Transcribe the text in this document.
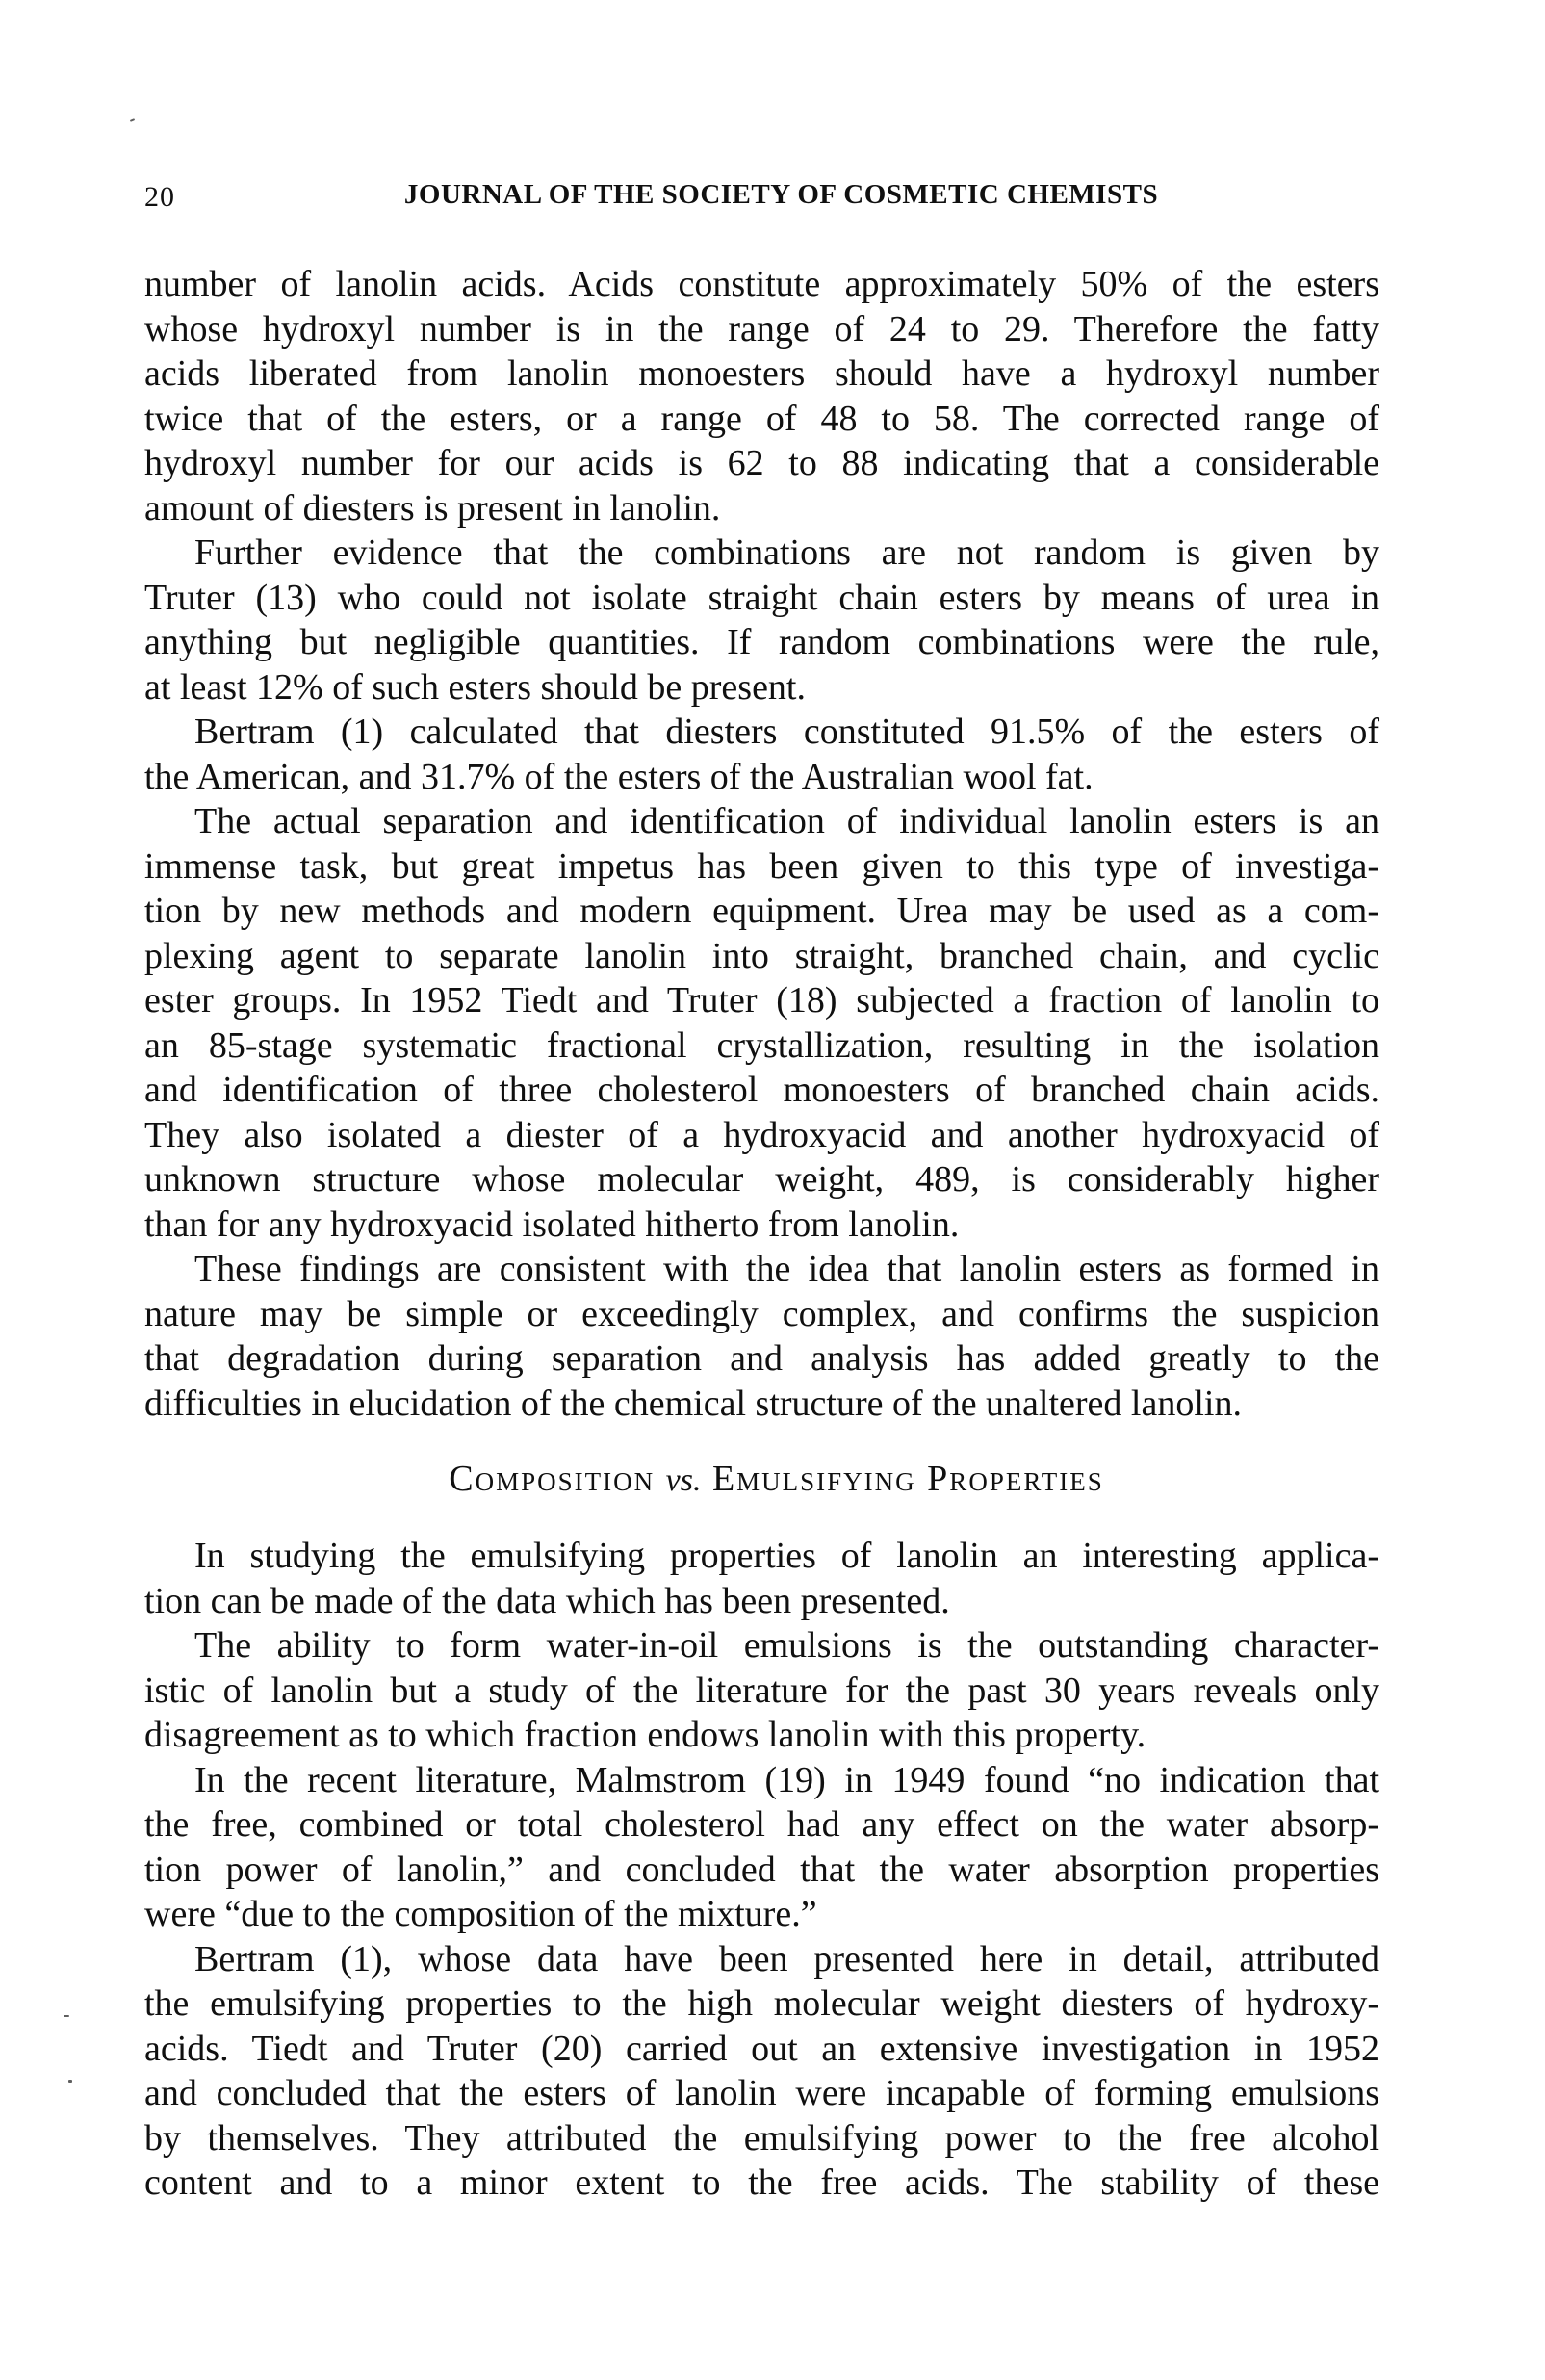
20	JOURNAL OF THE SOCIETY OF COSMETIC CHEMISTS
number of lanolin acids. Acids constitute approximately 50% of the esters
whose hydroxyl number is in the range of 24 to 29. Therefore the fatty
acids liberated from lanolin monoesters should have a hydroxyl number
twice that of the esters, or a range of 48 to 58. The corrected range of
hydroxyl number for our acids is 62 to 88 indicating that a considerable
amount of diesters is present in lanolin.
Further evidence that the combinations are not random is given by
Truter (13) who could not isolate straight chain esters by means of urea in
anything but negligible quantities. If random combinations were the rule,
at least 12% of such esters should be present.
Bertram (1) calculated that diesters constituted 91.5% of the esters of
the American, and 31.7% of the esters of the Australian wool fat.
The actual separation and identification of individual lanolin esters is an
immense task, but great impetus has been given to this type of investiga-
tion by new methods and modern equipment. Urea may be used as a com-
plexing agent to separate lanolin into straight, branched chain, and cyclic
ester groups. In 1952 Tiedt and Truter (18) subjected a fraction of lanolin to
an 85-stage systematic fractional crystallization, resulting in the isolation
and identification of three cholesterol monoesters of branched chain acids.
They also isolated a diester of a hydroxyacid and another hydroxyacid of
unknown structure whose molecular weight, 489, is considerably higher
than for any hydroxyacid isolated hitherto from lanolin.
These findings are consistent with the idea that lanolin esters as formed in
nature may be simple or exceedingly complex, and confirms the suspicion
that degradation during separation and analysis has added greatly to the
difficulties in elucidation of the chemical structure of the unaltered lanolin.
Composition vs. Emulsifying Properties
In studying the emulsifying properties of lanolin an interesting applica-
tion can be made of the data which has been presented.
The ability to form water-in-oil emulsions is the outstanding character-
istic of lanolin but a study of the literature for the past 30 years reveals only
disagreement as to which fraction endows lanolin with this property.
In the recent literature, Malmstrom (19) in 1949 found “no indication that
the free, combined or total cholesterol had any effect on the water absorp-
tion power of lanolin,” and concluded that the water absorption properties
were “due to the composition of the mixture.”
Bertram (1), whose data have been presented here in detail, attributed
the emulsifying properties to the high molecular weight diesters of hydroxy-
acids. Tiedt and Truter (20) carried out an extensive investigation in 1952
and concluded that the esters of lanolin were incapable of forming emulsions
by themselves. They attributed the emulsifying power to the free alcohol
content and to a minor extent to the free acids. The stability of these
